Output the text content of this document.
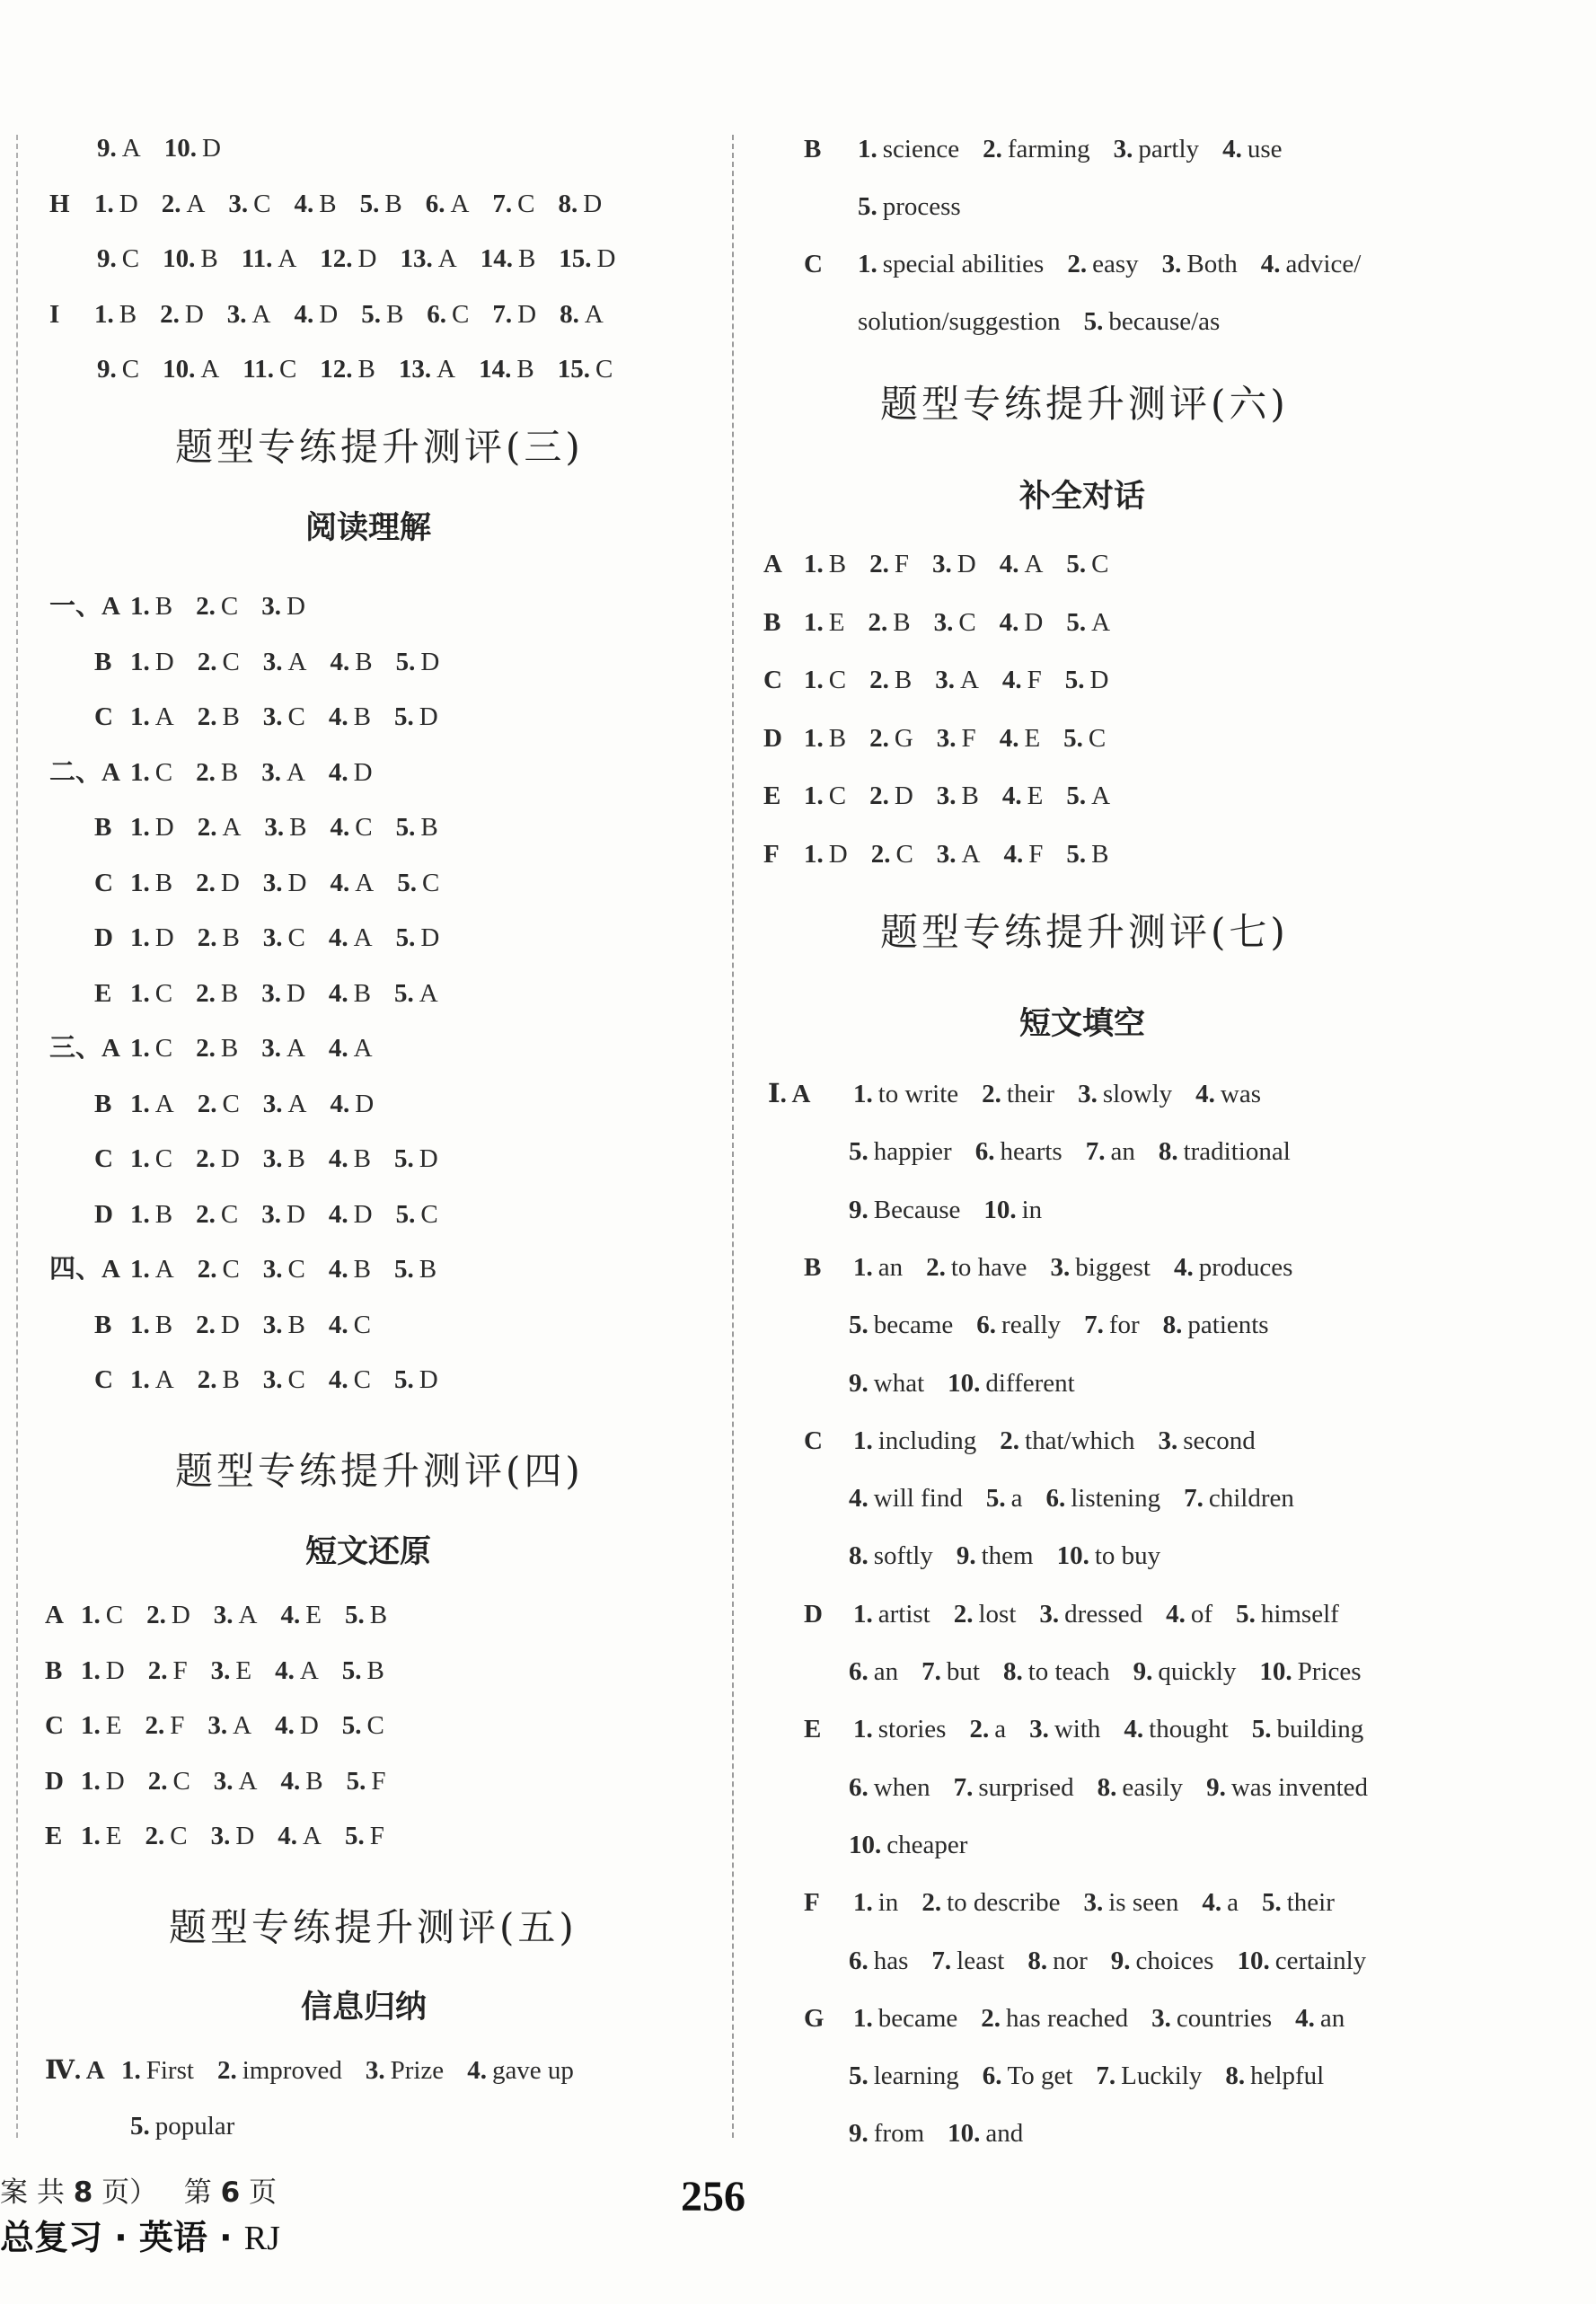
9. A 10. D
H 1. D 2. A 3. C 4. B 5. B 6. A 7. C 8. D
9. C 10. B 11. A 12. D 13. A 14. B 15. D
I 1. B 2. D 3. A 4. D 5. B 6. C 7. D 8. A
9. C 10. A 11. C 12. B 13. A 14. B 15. C
题型专练提升测评(三)
阅读理解
一、A 1. B 2. C 3. D
B 1. D 2. C 3. A 4. B 5. D
C 1. A 2. B 3. C 4. B 5. D
二、A 1. C 2. B 3. A 4. D
B 1. D 2. A 3. B 4. C 5. B
C 1. B 2. D 3. D 4. A 5. C
D 1. D 2. B 3. C 4. A 5. D
E 1. C 2. B 3. D 4. B 5. A
三、A 1. C 2. B 3. A 4. A
B 1. A 2. C 3. A 4. D
C 1. C 2. D 3. B 4. B 5. D
D 1. B 2. C 3. D 4. D 5. C
四、A 1. A 2. C 3. C 4. B 5. B
B 1. B 2. D 3. B 4. C
C 1. A 2. B 3. C 4. C 5. D
题型专练提升测评(四)
短文还原
A 1. C 2. D 3. A 4. E 5. B
B 1. D 2. F 3. E 4. A 5. B
C 1. E 2. F 3. A 4. D 5. C
D 1. D 2. C 3. A 4. B 5. F
E 1. E 2. C 3. D 4. A 5. F
题型专练提升测评(五)
信息归纳
Ⅳ. A 1. First 2. improved 3. Prize 4. gave up
5. popular
B 1. science 2. farming 3. partly 4. use
5. process
C 1. special abilities 2. easy 3. Both 4. advice/
solution/suggestion 5. because/as
题型专练提升测评(六)
补全对话
A 1. B 2. F 3. D 4. A 5. C
B 1. E 2. B 3. C 4. D 5. A
C 1. C 2. B 3. A 4. F 5. D
D 1. B 2. G 3. F 4. E 5. C
E 1. C 2. D 3. B 4. E 5. A
F 1. D 2. C 3. A 4. F 5. B
题型专练提升测评(七)
短文填空
Ⅰ. A 1. to write 2. their 3. slowly 4. was
5. happier 6. hearts 7. an 8. traditional
9. Because 10. in
B 1. an 2. to have 3. biggest 4. produces
5. became 6. really 7. for 8. patients
9. what 10. different
C 1. including 2. that/which 3. second
4. will find 5. a 6. listening 7. children
8. softly 9. them 10. to buy
D 1. artist 2. lost 3. dressed 4. of 5. himself
6. an 7. but 8. to teach 9. quickly 10. Prices
E 1. stories 2. a 3. with 4. thought 5. building
6. when 7. surprised 8. easily 9. was invented
10. cheaper
F 1. in 2. to describe 3. is seen 4. a 5. their
6. has 7. least 8. nor 9. choices 10. certainly
G 1. became 2. has reached 3. countries 4. an
5. learning 6. To get 7. Luckily 8. helpful
9. from 10. and
案 共 8 页） 第 6 页
总复习 · 英语 · RJ
256
